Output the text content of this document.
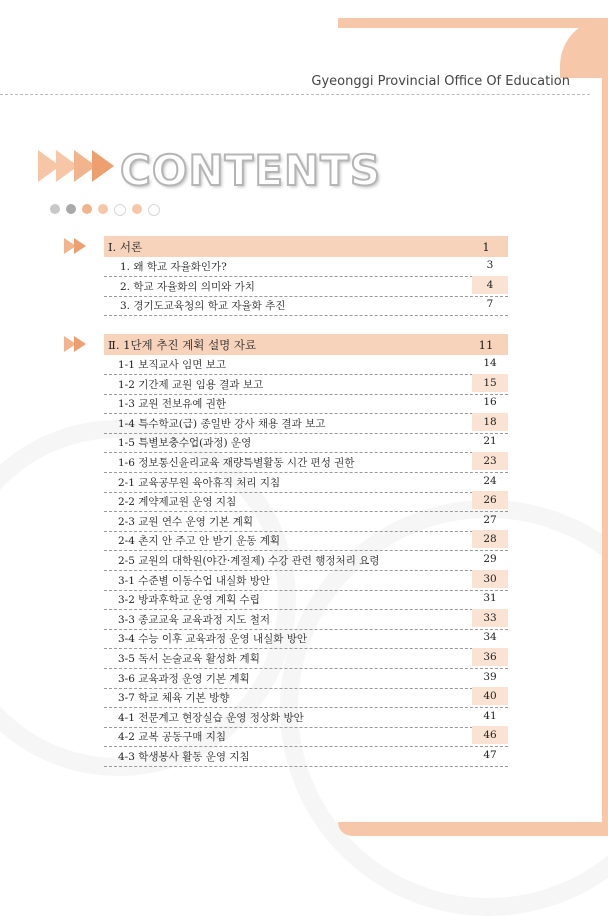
Gyeonggi Provincial Office Of Education
CONTENTS
Ⅰ. 서론	1
1. 왜 학교 자율화인가?	3
2. 학교 자율화의 의미와 가치	4
3. 경기도교육청의 학교 자율화 추진	7
Ⅱ. 1단계 추진 계획 설명 자료	11
1-1 보직교사 임면 보고	14
1-2 기간제 교원 임용 결과 보고	15
1-3 교원 전보유예 권한	16
1-4 특수학교(급) 종일반 강사 채용 결과 보고	18
1-5 특별보충수업(과정) 운영	21
1-6 정보통신윤리교육 재량특별활동 시간 편성 권한	23
2-1 교육공무원 육아휴직 처리 지침	24
2-2 계약제교원 운영 지침	26
2-3 교원 연수 운영 기본 계획	27
2-4 촌지 안 주고 안 받기 운동 계획	28
2-5 교원의 대학원(야간·계절제) 수강 관련 행정처리 요령	29
3-1 수준별 이동수업 내실화 방안	30
3-2 방과후학교 운영 계획 수립	31
3-3 종교교육 교육과정 지도 철저	33
3-4 수능 이후 교육과정 운영 내실화 방안	34
3-5 독서 논술교육 활성화 계획	36
3-6 교육과정 운영 기본 계획	39
3-7 학교 체육 기본 방향	40
4-1 전문계고 현장실습 운영 정상화 방안	41
4-2 교복 공동구매 지침	46
4-3 학생봉사 활동 운영 지침	47
